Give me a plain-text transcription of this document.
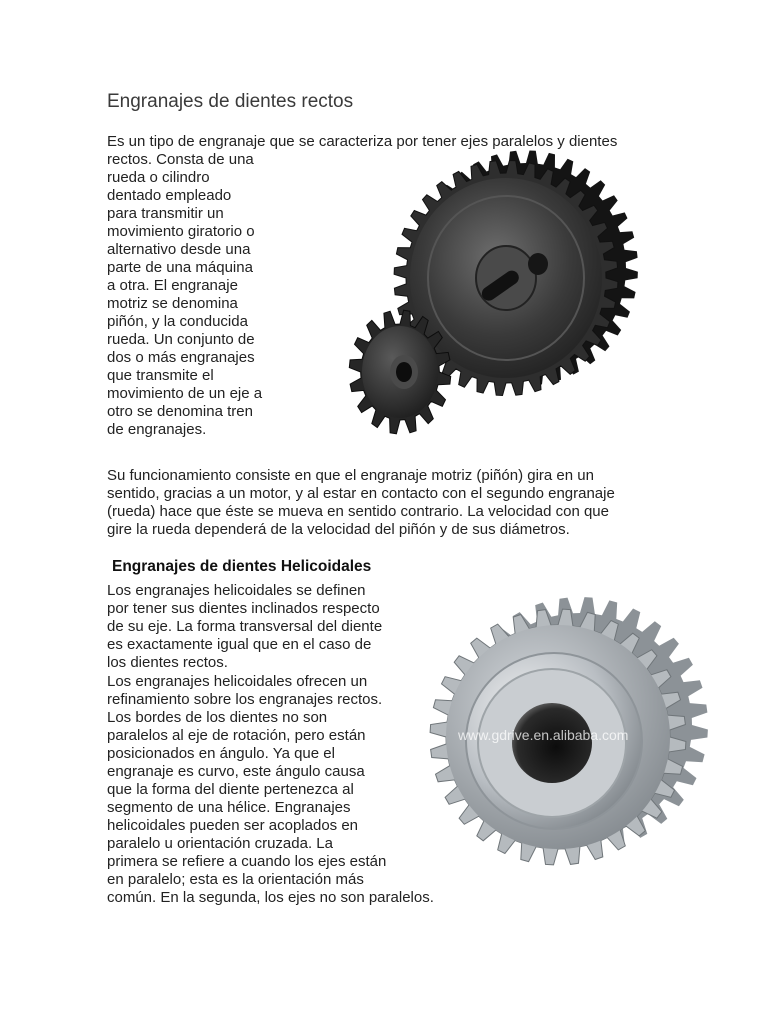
Engranajes de dientes rectos
Es un tipo de engranaje que se caracteriza por tener ejes paralelos y dientes
rectos. Consta de una
rueda o cilindro
dentado empleado
para transmitir un
movimiento giratorio o
alternativo desde una
parte de una máquina
a otra. El engranaje
motriz se denomina
piñón, y la conducida
rueda. Un conjunto de
dos o más engranajes
que transmite el
movimiento de un eje a
otro se denomina tren
de engranajes.
Su funcionamiento consiste en que el engranaje motriz (piñón) gira en un
sentido, gracias a un motor, y al estar en contacto con el segundo engranaje
(rueda) hace que éste se mueva en sentido contrario. La velocidad con que
gire la rueda dependerá de la velocidad del piñón y de sus diámetros.
Engranajes de dientes Helicoidales
Los engranajes helicoidales se definen
por tener sus dientes inclinados respecto
de su eje. La forma transversal del diente
es exactamente igual que en el caso de
los dientes rectos.
Los engranajes helicoidales ofrecen un
refinamiento sobre los engranajes rectos.
Los bordes de los dientes no son
paralelos al eje de rotación, pero están
posicionados en ángulo. Ya que el
engranaje es curvo, este ángulo causa
que la forma del diente pertenezca al
segmento de una hélice. Engranajes
helicoidales pueden ser acoplados en
paralelo u orientación cruzada. La
primera se refiere a cuando los ejes están
en paralelo; esta es la orientación más
común. En la segunda, los ejes no son paralelos.
www.gdrive.en.alibaba.com
